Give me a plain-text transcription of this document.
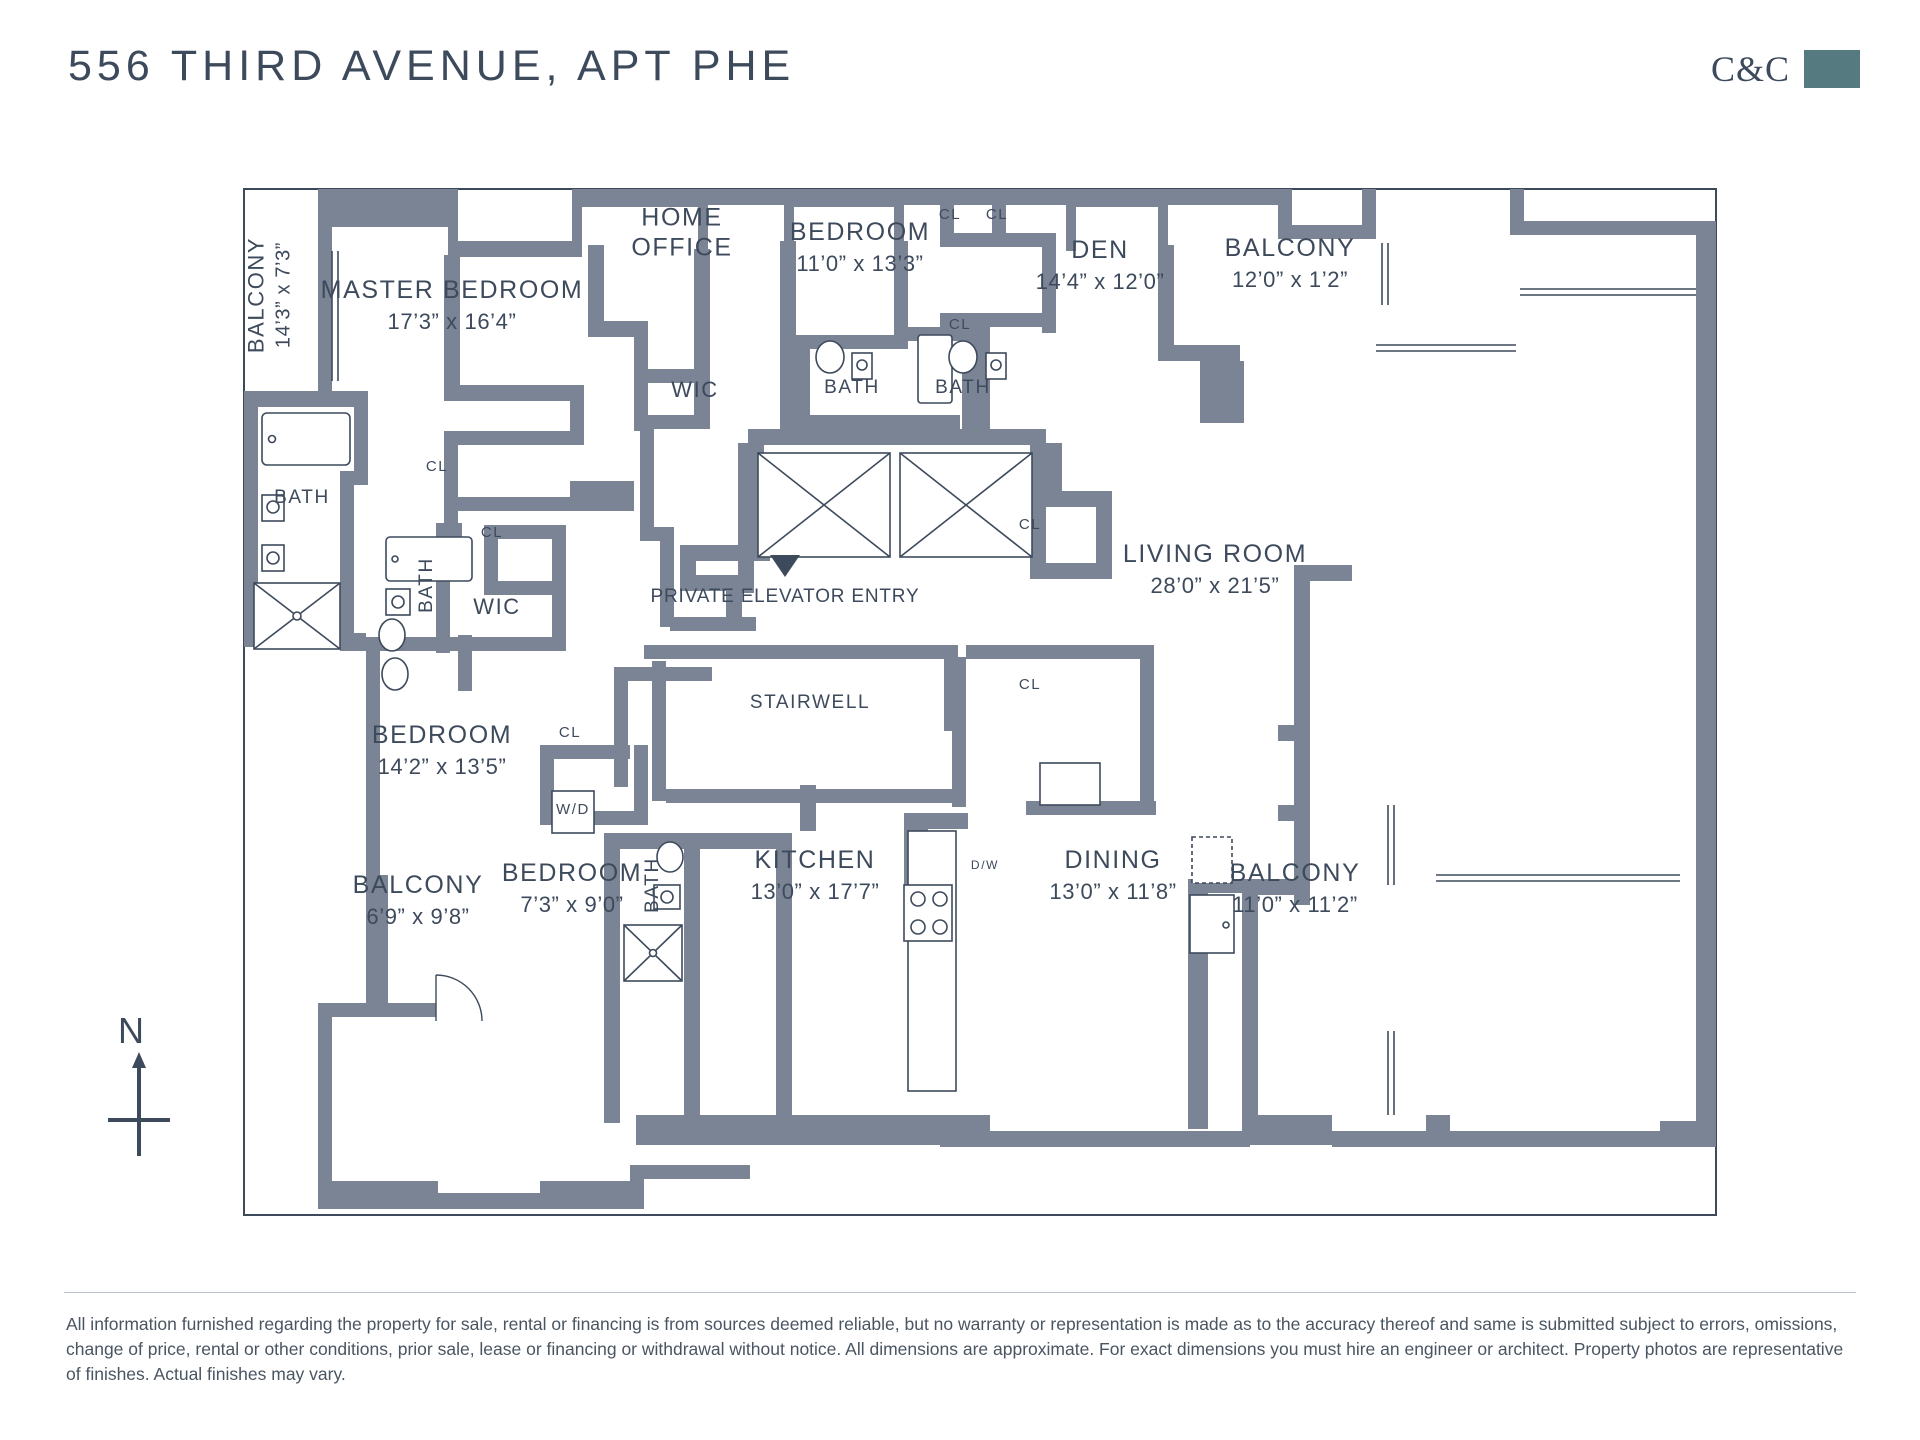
556 THIRD AVENUE, APT PHE	C&C
N
BALCONY 14’3” x 7’3” MASTER BEDROOM
17’3” x 16’4”
HOME
OFFICE
BEDROOM
11’0” x 13’3”	DEN
14’4” x 12’0”
BALCONY
12’0” x 1’2”
WIC	BATH	BATH
CL CL
CL
CL
CL	CL
CL
CL
BATH
BATH WIC
LIVING ROOM
28’0” x 21’5”
STAIRWELL
BEDROOM
14’2” x 13’5”
W/D
BALCONY
6’9” x 9’8”
BEDROOM
7’3” x 9’0” BATH	KITCHEN
13’0” x 17’7”
D/W	DINING
13’0” x 11’8”
BALCONY
11’0” x 11’2”
PRIVATE ELEVATOR ENTRY
All information furnished regarding the property for sale, rental or financing is from sources deemed reliable, but no warranty or representation is made as to the accuracy thereof and same is submitted subject to errors, omissions, change of price, rental or other conditions, prior sale, lease or financing or withdrawal without notice. All dimensions are approximate. For exact dimensions you must hire an engineer or architect. Property photos are representative of finishes. Actual finishes may vary.
